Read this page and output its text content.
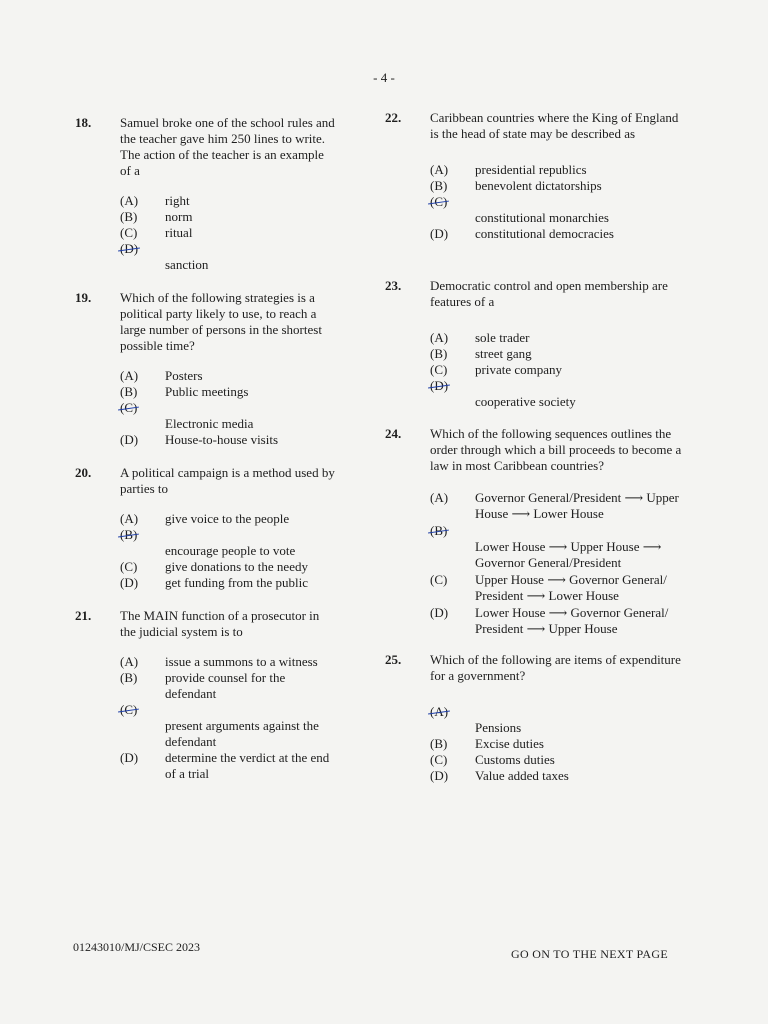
- 4 -
18. Samuel broke one of the school rules and the teacher gave him 250 lines to write. The action of the teacher is an example of a
(A)	right
(B)	norm
(C)	ritual
(D)
sanction
19. Which of the following strategies is a political party likely to use, to reach a large number of persons in the shortest possible time?
(A)	Posters
(B)	Public meetings
(C)
Electronic media
(D)	House-to-house visits
20. A political campaign is a method used by parties to
(A)	give voice to the people
(B)
encourage people to vote
(C)	give donations to the needy
(D)	get funding from the public
21. The MAIN function of a prosecutor in the judicial system is to
(A)	issue a summons to a witness
(B)	provide counsel for the defendant
(C)
present arguments against the defendant
(D)	determine the verdict at the end of a trial
22. Caribbean countries where the King of England is the head of state may be described as
(A)	presidential republics
(B)	benevolent dictatorships
(C)
constitutional monarchies
(D)	constitutional democracies
23. Democratic control and open membership are features of a
(A)	sole trader
(B)	street gang
(C)	private company
(D)
cooperative society
24. Which of the following sequences outlines the order through which a bill proceeds to become a law in most Caribbean countries?
(A)	Governor General/President ⟶ Upper House ⟶ Lower House
(B)
Lower House ⟶ Upper House ⟶ Governor General/President
(C)	Upper House ⟶ Governor General/ President ⟶ Lower House
(D)	Lower House ⟶ Governor General/ President ⟶ Upper House
25. Which of the following are items of expenditure for a government?
(A)
Pensions
(B)	Excise duties
(C)	Customs duties
(D)	Value added taxes
01243010/MJ/CSEC 2023	GO ON TO THE NEXT PAGE
